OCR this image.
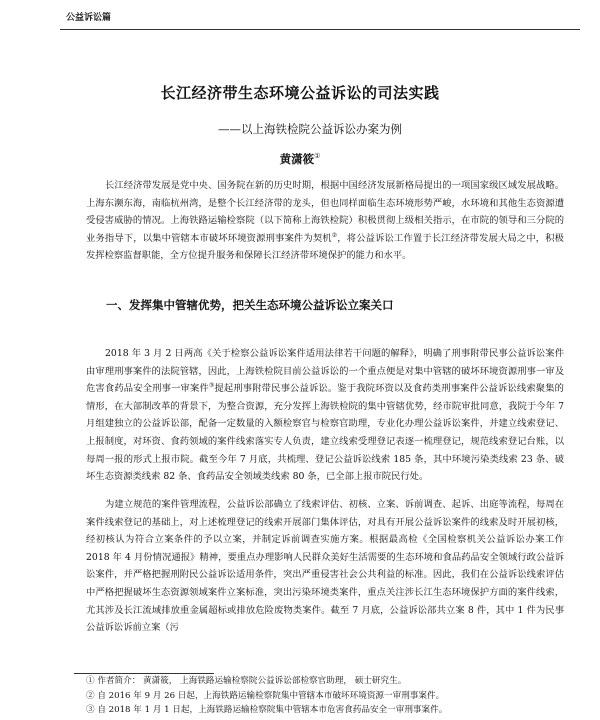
公益诉讼篇
长江经济带生态环境公益诉讼的司法实践
——以上海铁检院公益诉讼办案为例
黄潇筱①

长江经济带发展是党中央、国务院在新的历史时期，根据中国经济发展新格局提出的一项国家级区域发展战略。上海东濒东海，南临杭州湾，是整个长江经济带的龙头，但也同样面临生态环境形势严峻，水环境和其他生态资源遭受侵害威胁的情况。上海铁路运输检察院（以下简称上海铁检院）积极贯彻上级相关指示，在市院的领导和三分院的业务指导下，以集中管辖本市破坏环境资源刑事案件为契机②，将公益诉讼工作置于长江经济带发展大局之中，积极发挥检察监督职能，全方位提升服务和保障长江经济带环境保护的能力和水平。

一、发挥集中管辖优势，把关生态环境公益诉讼立案关口

2018 年 3 月 2 日两高《关于检察公益诉讼案件适用法律若干问题的解释》，明确了刑事附带民事公益诉讼案件由审理刑事案件的法院管辖，因此，上海铁检院目前公益诉讼的一个重点便是对集中管辖的破坏环境资源刑事一审及危害食药品安全刑事一审案件③提起刑事附带民事公益诉讼。鉴于我院环资以及食药类刑事案件公益诉讼线索聚集的情形，在大部制改革的背景下，为整合资源，充分发挥上海铁检院的集中管辖优势，经市院审批同意，我院于今年 7 月组建独立的公益诉讼部，配备一定数量的入额检察官与检察官助理，专业化办理公益诉讼案件，并建立线索登记、上报制度，对环资、食药领域的案件线索落实专人负责，建立线索受理登记表逐一梳理登记，规范线索登记台账，以每周一报的形式上报市院。截至今年 7 月底，共梳理、登记公益诉讼线索 185 条，其中环境污染类线索 23 条、破坏生态资源类线索 82 条、食药品安全领域类线索 80 条，已全部上报市院民行处。

为建立规范的案件管理流程，公益诉讼部确立了线索评估、初核、立案、诉前调查、起诉、出庭等流程，每周在案件线索登记的基础上，对上述梳理登记的线索开展部门集体评估，对具有开展公益诉讼案件的线索及时开展初核，经初核认为符合立案条件的予以立案，并制定诉前调查实施方案。根据最高检《全国检察机关公益诉讼办案工作 2018 年 4 月份情况通报》精神，要重点办理影响人民群众美好生活需要的生态环境和食品药品安全领域行政公益诉讼案件，并严格把握刑附民公益诉讼适用条件，突出严重侵害社会公共利益的标准。因此，我们在公益诉讼线索评估中严格把握破坏生态资源领域案件立案标准，突出污染环境类案件，重点关注涉长江生态环境保护方面的案件线索，尤其涉及长江流域排放重金属超标或排放危险废物类案件。截至 7 月底，公益诉讼部共立案 8 件，其中 1 件为民事公益诉讼诉前立案（污

① 作者简介： 黄潇筱， 上海铁路运输检察院公益诉讼部检察官助理， 硕士研究生。
② 自 2016 年 9 月 26 日起，上海铁路运输检察院集中管辖本市破坏环境资源一审刑事案件。
③ 自 2018 年 1 月 1 日起，上海铁路运输检察院集中管辖本市危害食药品安全一审刑事案件。
